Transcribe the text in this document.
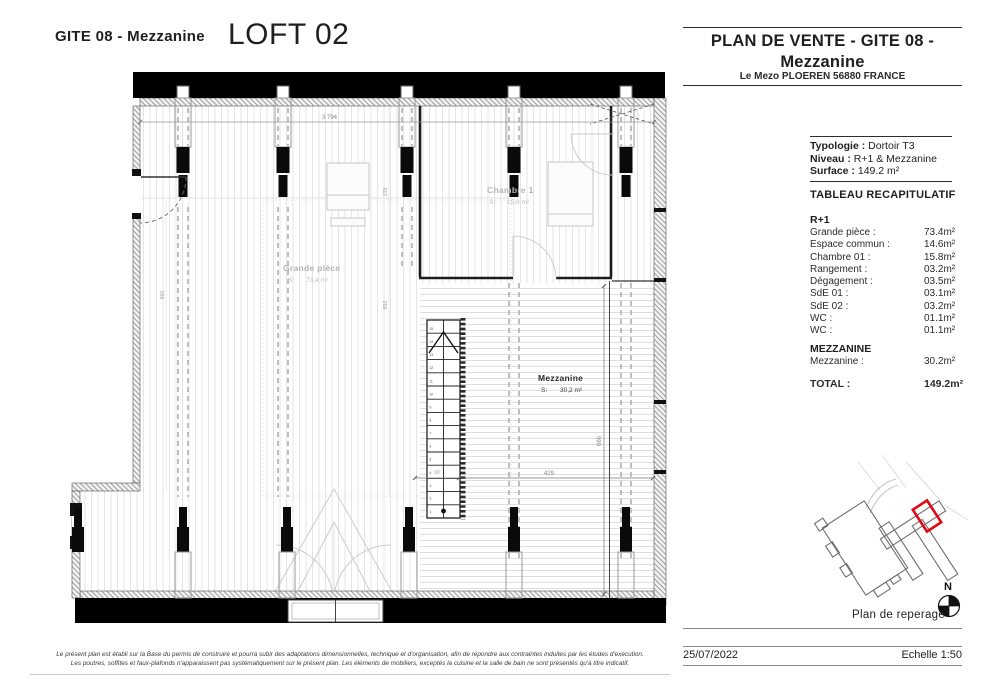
1
2
3
4
5
6
7
8
9
10
11
12
13
14
15
3 794
429
90
666
338
890
990
Grande pièce
S: 73,4 m²
Chambre 1
S: 15,8 m²
Mezzanine
S: 30,2 m²
N
Plan de reperage
GITE 08 - Mezzanine LOFT 02	PLAN DE VENTE - GITE 08 -
Mezzanine
Le Mezo PLOEREN 56880 FRANCE
Typologie : Dortoir T3
Niveau : R+1 & Mezzanine
Surface : 149.2 m²
TABLEAU RECAPITULATIF
R+1
Grande pièce :	73.4m²
Espace commun :	14.6m²
Chambre 01 :	15.8m²
Rangement :	03.2m²
Dégagement :	03.5m²
SdE 01 :	03.1m²
SdE 02 :	03.2m²
WC :	01.1m²
WC :	01.1m²
MEZZANINE
Mezzanine :	30.2m²
TOTAL :	149.2m²
25/07/2022	Echelle 1:50
Le présent plan est établi sur la Base du permis de construire et pourra subir des adaptations dimensionnelles, technique et d'organisation, afin de répondre aux contraintes induites par les études d'exécution.
Les poutres, soffites et faux-plafonds n'apparaissent pas systématiquement sur le présent plan. Les éléments de mobiliers, exceptés la cuisine et la salle de bain ne sont présentés qu'à titre indicatif.
